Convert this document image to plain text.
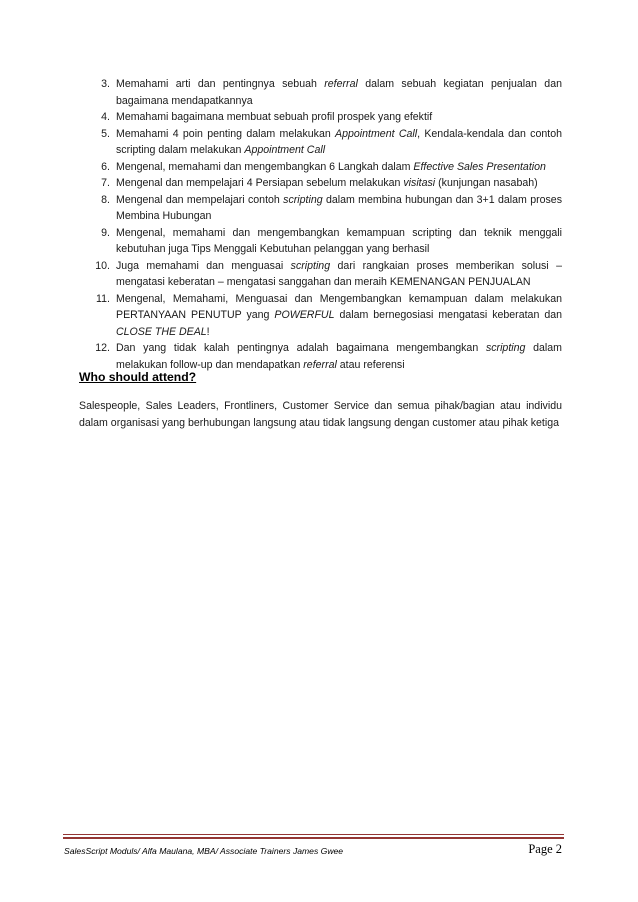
3. Memahami arti dan pentingnya sebuah referral dalam sebuah kegiatan penjualan dan bagaimana mendapatkannya
4. Memahami bagaimana membuat sebuah profil prospek yang efektif
5. Memahami 4 poin penting dalam melakukan Appointment Call, Kendala-kendala dan contoh scripting dalam melakukan Appointment Call
6. Mengenal, memahami dan mengembangkan 6 Langkah dalam Effective Sales Presentation
7. Mengenal dan mempelajari 4 Persiapan sebelum melakukan visitasi (kunjungan nasabah)
8. Mengenal dan mempelajari contoh scripting dalam membina hubungan dan 3+1 dalam proses Membina Hubungan
9. Mengenal, memahami dan mengembangkan kemampuan scripting dan teknik menggali kebutuhan juga Tips Menggali Kebutuhan pelanggan yang berhasil
10. Juga memahami dan menguasai scripting dari rangkaian proses memberikan solusi – mengatasi keberatan – mengatasi sanggahan dan meraih KEMENANGAN PENJUALAN
11. Mengenal, Memahami, Menguasai dan Mengembangkan kemampuan dalam melakukan PERTANYAAN PENUTUP yang POWERFUL dalam bernegosiasi mengatasi keberatan dan CLOSE THE DEAL!
12. Dan yang tidak kalah pentingnya adalah bagaimana mengembangkan scripting dalam melakukan follow-up dan mendapatkan referral atau referensi
Who should attend?
Salespeople, Sales Leaders, Frontliners, Customer Service dan semua pihak/bagian atau individu dalam organisasi yang berhubungan langsung atau tidak langsung dengan customer atau pihak ketiga
SalesScript Moduls/ Alfa Maulana, MBA/ Associate Trainers James Gwee	Page 2
